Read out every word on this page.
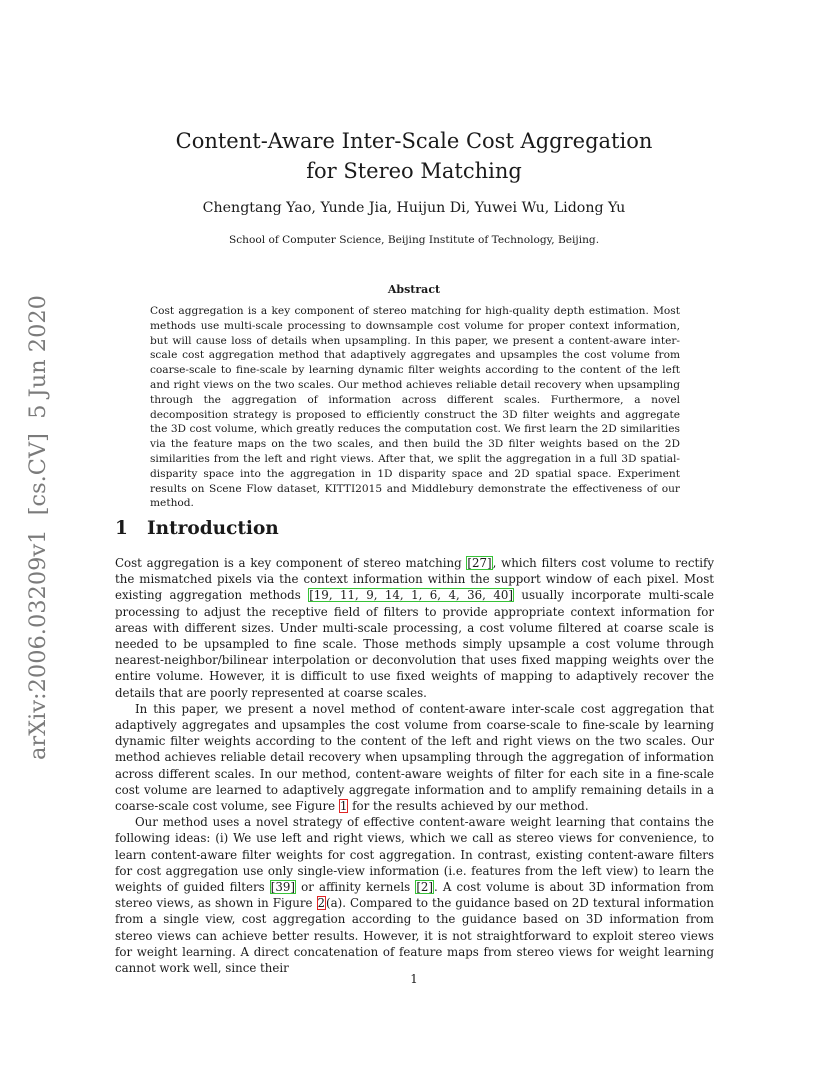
arXiv:2006.03209v1  [cs.CV]  5 Jun 2020
Content-Aware Inter-Scale Cost Aggregation
for Stereo Matching

Chengtang Yao, Yunde Jia, Huijun Di, Yuwei Wu, Lidong Yu

School of Computer Science, Beijing Institute of Technology, Beijing.

Abstract

Cost aggregation is a key component of stereo matching for high-quality depth estimation. Most methods use multi-scale processing to downsample cost volume for proper context information, but will cause loss of details when upsampling. In this paper, we present a content-aware inter-scale cost aggregation method that adaptively aggregates and upsamples the cost volume from coarse-scale to fine-scale by learning dynamic filter weights according to the content of the left and right views on the two scales. Our method achieves reliable detail recovery when upsampling through the aggregation of information across different scales. Furthermore, a novel decomposition strategy is proposed to efficiently construct the 3D filter weights and aggregate the 3D cost volume, which greatly reduces the computation cost. We first learn the 2D similarities via the feature maps on the two scales, and then build the 3D filter weights based on the 2D similarities from the left and right views. After that, we split the aggregation in a full 3D spatial-disparity space into the aggregation in 1D disparity space and 2D spatial space. Experiment results on Scene Flow dataset, KITTI2015 and Middlebury demonstrate the effectiveness of our method.

1 Introduction

Cost aggregation is a key component of stereo matching [27], which filters cost volume to rectify the mismatched pixels via the context information within the support window of each pixel. Most existing aggregation methods [19, 11, 9, 14, 1, 6, 4, 36, 40] usually incorporate multi-scale processing to adjust the receptive field of filters to provide appropriate context information for areas with different sizes. Under multi-scale processing, a cost volume filtered at coarse scale is needed to be upsampled to fine scale. Those methods simply upsample a cost volume through nearest-neighbor/bilinear interpolation or deconvolution that uses fixed mapping weights over the entire volume. However, it is difficult to use fixed weights of mapping to adaptively recover the details that are poorly represented at coarse scales.

In this paper, we present a novel method of content-aware inter-scale cost aggregation that adaptively aggregates and upsamples the cost volume from coarse-scale to fine-scale by learning dynamic filter weights according to the content of the left and right views on the two scales. Our method achieves reliable detail recovery when upsampling through the aggregation of information across different scales. In our method, content-aware weights of filter for each site in a fine-scale cost volume are learned to adaptively aggregate information and to amplify remaining details in a coarse-scale cost volume, see Figure 1 for the results achieved by our method.

Our method uses a novel strategy of effective content-aware weight learning that contains the following ideas: (i) We use left and right views, which we call as stereo views for convenience, to learn content-aware filter weights for cost aggregation. In contrast, existing content-aware filters for cost aggregation use only single-view information (i.e. features from the left view) to learn the weights of guided filters [39] or affinity kernels [2]. A cost volume is about 3D information from stereo views, as shown in Figure 2(a). Compared to the guidance based on 2D textural information from a single view, cost aggregation according to the guidance based on 3D information from stereo views can achieve better results. However, it is not straightforward to exploit stereo views for weight learning. A direct concatenation of feature maps from stereo views for weight learning cannot work well, since their

1
